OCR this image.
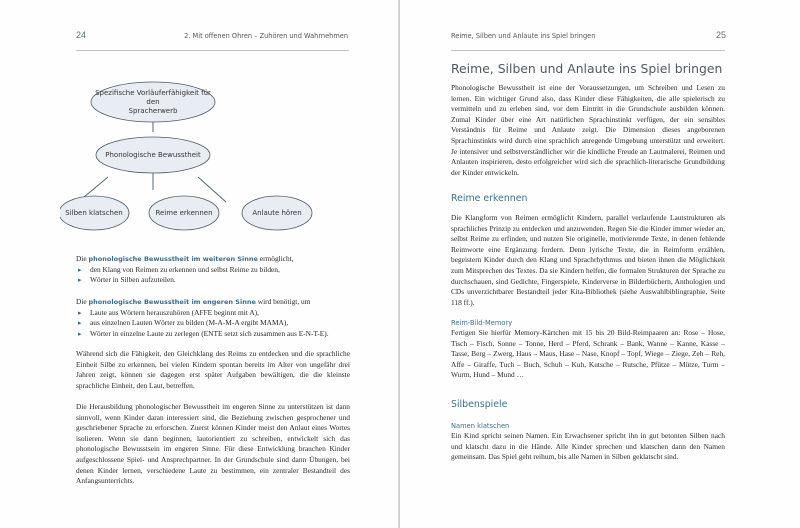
24	2. Mit offenen Ohren – Zuhören und Wahrnehmen
Spezifische Vorläuferfähigkeit für den
Spracherwerb
Phonologische Bewusstheit
Silben klatschen	Reime erkennen	Anlaute hören

Die phonologische Bewusstheit im weiteren Sinne ermöglicht,

▸ den Klang von Reimen zu erkennen und selbst Reime zu bilden,
▸ Wörter in Silben aufzuteilen.

Die phonologische Bewusstheit im engeren Sinne wird benötigt, um

▸ Laute aus Wörtern herauszuhören (AFFE beginnt mit A),
▸ aus einzelnen Lauten Wörter zu bilden (M-A-M-A ergibt MAMA),
▸ Wörter in einzelne Laute zu zerlegen (ENTE setzt sich zusammen aus E-N-T-E).
Während sich die Fähigkeit, den Gleichklang des Reims zu entdecken und die sprachliche Einheit Silbe zu erkennen, bei vielen Kindern spontan bereits im Alter von ungefähr drei Jahren zeigt, können sie dagegen erst später Aufgaben bewältigen, die die kleinste sprachliche Einheit, den Laut, betreffen.
Die Herausbildung phonologischer Bewusstheit im engeren Sinne zu unterstützen ist dann sinnvoll, wenn Kinder daran interessiert sind, die Beziehung zwischen gesprochener und geschriebener Sprache zu erforschen. Zuerst können Kinder meist den Anlaut eines Wortes isolieren. Wenn sie dann beginnen, lautorientiert zu schreiben, entwickelt sich das phonologische Bewusstsein im engeren Sinne. Für diese Entwicklung brauchen Kinder aufgeschlossene Spiel- und Ansprechpartner. In der Grundschule sind dann Übungen, bei denen Kinder lernen, verschiedene Laute zu bestimmen, ein zentraler Bestandteil des Anfangsunterrichts.
Reime, Silben und Anlaute ins Spiel bringen	25
Reime, Silben und Anlaute ins Spiel bringen
Phonologische Bewusstheit ist eine der Voraussetzungen, um Schreiben und Lesen zu lernen. Ein wichtiger Grund also, dass Kinder diese Fähigkeiten, die alle spielerisch zu vermitteln und zu erleben sind, vor dem Eintritt in die Grundschule ausbilden können. Zumal Kinder über eine Art natürlichen Sprachinstinkt verfügen, der ein sensibles Verständnis für Reime und Anlaute zeigt. Die Dimension dieses angeborenen Sprachinstinkts wird durch eine sprachlich anregende Umgebung unterstützt und erweitert. Je intensiver und selbstverständlicher wir die kindliche Freude an Lautmalerei, Reimen und Anlauten inspirieren, desto erfolgreicher wird sich die sprachlich-literarische Grundbildung der Kinder entwickeln.
Reime erkennen
Die Klangform von Reimen ermöglicht Kindern, parallel verlaufende Lautstrukturen als sprachliches Prinzip zu entdecken und anzuwenden. Regen Sie die Kinder immer wieder an, selbst Reime zu erfinden, und nutzen Sie originelle, motivierende Texte, in denen fehlende Reimworte eine Ergänzung fordern. Denn lyrische Texte, die in Reimform erzählen, begeistern Kinder durch den Klang und Sprachrhythmus und bieten ihnen die Möglichkeit zum Mitsprechen des Textes. Da sie Kindern helfen, die formalen Strukturen der Sprache zu durchschauen, sind Gedichte, Fingerspiele, Kinderverse in Bilderbüchern, Anthologien und CDs unverzichtbarer Bestandteil jeder Kita-Bibliothek (siehe Auswahlbibliographie, Seite 118 ff.).
Reim-Bild-Memory
Fertigen Sie hierfür Memory-Kärtchen mit 15 bis 20 Bild-Reimpaaren an: Rose – Hose, Tisch – Fisch, Sonne – Tonne, Herd – Pferd, Schrank – Bank, Wanne – Kanne, Kasse – Tasse, Berg – Zwerg, Haus – Maus, Hase – Nase, Knopf – Topf, Wiege – Ziege, Zeh – Reh, Affe – Giraffe, Tuch – Buch, Schuh – Kuh, Kutsche – Rutsche, Pfütze – Mütze, Turm – Wurm, Hund – Mund …
Silbenspiele
Namen klatschen
Ein Kind spricht seinen Namen. Ein Erwachsener spricht ihn in gut betonten Silben nach und klatscht dazu in die Hände. Alle Kinder sprechen und klatschen dann den Namen gemeinsam. Das Spiel geht reihum, bis alle Namen in Silben geklatscht sind.
